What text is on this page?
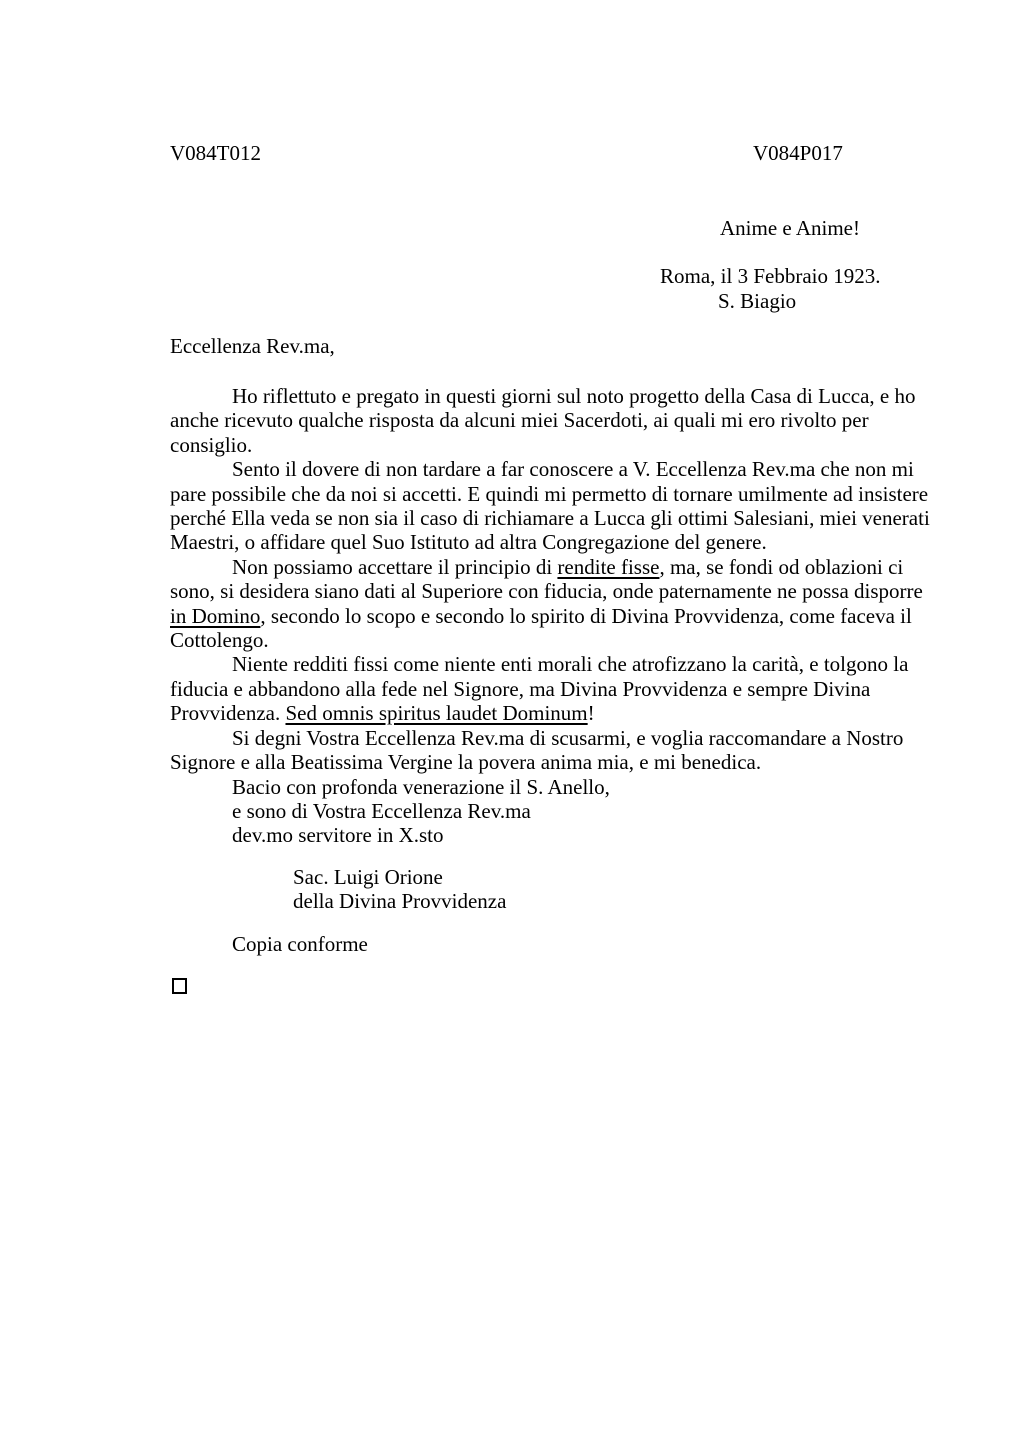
V084T012	V084P017
Anime e Anime!
Roma, il 3 Febbraio 1923.
S. Biagio
Eccellenza Rev.ma,
Ho riflettuto e pregato in questi giorni sul noto progetto della Casa di Lucca, e ho
anche ricevuto qualche risposta da alcuni miei Sacerdoti, ai quali mi ero rivolto per
consiglio.
Sento il dovere di non tardare a far conoscere a V. Eccellenza Rev.ma che non mi
pare possibile che da noi si accetti. E quindi mi permetto di tornare umilmente ad insistere
perché Ella veda se non sia il caso di richiamare a Lucca gli ottimi Salesiani, miei venerati
Maestri, o affidare quel Suo Istituto ad altra Congregazione del genere.
Non possiamo accettare il principio di rendite fisse, ma, se fondi od oblazioni ci
sono, si desidera siano dati al Superiore con fiducia, onde paternamente ne possa disporre
in Domino, secondo lo scopo e secondo lo spirito di Divina Provvidenza, come faceva il
Cottolengo.
Niente redditi fissi come niente enti morali che atrofizzano la carità, e tolgono la
fiducia e abbandono alla fede nel Signore, ma Divina Provvidenza e sempre Divina
Provvidenza. Sed omnis spiritus laudet Dominum!
Si degni Vostra Eccellenza Rev.ma di scusarmi, e voglia raccomandare a Nostro
Signore e alla Beatissima Vergine la povera anima mia, e mi benedica.
Bacio con profonda venerazione il S. Anello,
e sono di Vostra Eccellenza Rev.ma
dev.mo servitore in X.sto
Sac. Luigi Orione
della Divina Provvidenza
Copia conforme
